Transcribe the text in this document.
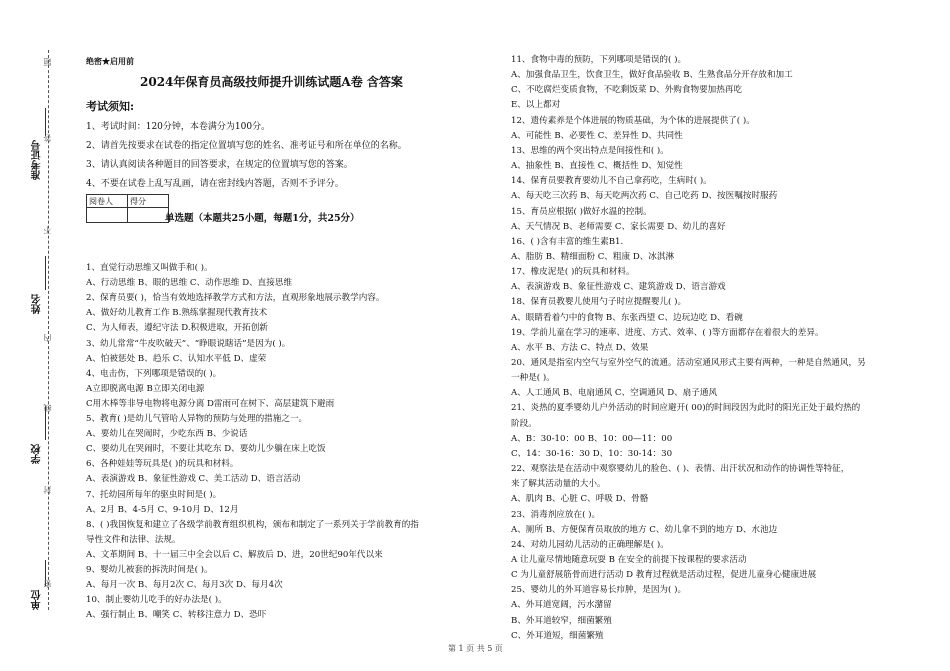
准考证号
姓名
学校
单位
题
答
不
内
线
封
密
绝密★启用前
2024年保育员高级技师提升训练试题A卷 含答案
考试须知:
1、考试时间：120分钟，本卷满分为100分。
2、请首先按要求在试卷的指定位置填写您的姓名、准考证号和所在单位的名称。
3、请认真阅读各种题目的回答要求，在规定的位置填写您的答案。
4、不要在试卷上乱写乱画，请在密封线内答题，否则不予评分。
阅卷人	得分

单选题（本题共25小题，每题1分，共25分）
1、直觉行动思维又叫做手和( )。
A、行动思维 B、眼的思维 C、动作思维 D、直接思维
2、保育员要( )，恰当有效地选择教学方式和方法，直观形象地展示教学内容。
A、做好幼儿教育工作 B.熟练掌握现代教育技术
C、为人师表，遵纪守法 D.积极进取，开拓创新
3、幼儿常常“牛皮吹破天”、“睁眼说瞎话”是因为( )。
A、怕被惩处 B、趋乐 C、认知水平低 D、虚荣
4、电击伤，下列哪项是错误的( )。
A立即脱离电源 B立即关闭电源
C用木棒等非导电物将电源分离 D雷雨可在树下、高层建筑下避雨
5、教育( )是幼儿气管哈人异物的预防与处理的措施之一。
A、要幼儿在哭闹时，少吃东西 B、少说话
C、要幼儿在哭闹时，不要让其吃东 D、要幼儿少躺在床上吃饭
6、各种娃娃等玩具是( )的玩具和材料。
A、表演游戏 B、象征性游戏 C、美工活动 D、语言活动
7、托幼园所每年的驱虫时间是( )。
A、2月 B、4-5月 C、9-10月 D、12月
8、( )我国恢复和建立了各级学前教育组织机构，颁布和制定了一系列关于学前教育的指
导性文件和法律、法规。
A、文革期间 B、十一届三中全会以后 C、解放后 D、进，20世纪90年代以来
9、婴幼儿被套的拆洗时间是( )。
A、每月一次 B、每月2次 C、每月3次 D、每月4次
10、制止婴幼儿吃手的好办法是( )。
A、强行制止 B、嘲笑 C、转移注意力 D、恐吓
11、食物中毒的预防，下列哪项是错误的( )。
A、加强食品卫生，饮食卫生，做好食品验收 B、生熟食品分开存放和加工
C、不吃腐烂变质食物，不吃剩饭菜 D、外购食物要加热再吃
E、以上都对
12、遗传素养是个体进展的物质基础，为个体的进展提供了( )。
A、可能性 B、必要性 C、差异性 D、共同性
13、思维的两个突出特点是间接性和( )。
A、抽象性 B、直接性 C、概括性 D、知觉性
14、保育员要教育要幼儿不自己拿药吃，生病时( )。
A、每天吃三次药 B、每天吃两次药 C、自己吃药 D、按医嘱按时服药
15、育员应根据( )做好水温的控制。
A、天气情况 B、老师需要 C、家长需要 D、幼儿的喜好
16、( )含有丰富的维生素B1.
A、脂肪 B、精细面粉 C、粗康 D、冰淇淋
17、橡皮泥是( )的玩具和材料。
A、表演游戏 B、象征性游戏 C、建筑游戏 D、语言游戏
18、保育员教婴儿使用勺子时应提醒婴儿( )。
A、眼睛看着勺中的食物 B、东张西望 C、边玩边吃 D、看碗
19、学前儿童在学习的速率、进度、方式、效率、( )等方面都存在着很大的差异。
A、水平 B、方法 C、特点 D、效果
20、通风是指室内空气与室外空气的流通。活动室通风形式主要有两种，一种是自然通风，另
一种是( )。
A、人工通风 B、电扇通风 C、空调通风 D、扇子通风
21、炎热的夏季婴幼儿户外活动的时间应避开( 00)的时间段因为此时的阳光正处于最灼热的
阶段。
A、B：30-10：00 B、10：00—11：00
C、14：30-16：30 D、10：30-14：30
22、观察法是在活动中观察婴幼儿的脸色、( )、表情、出汗状况和动作的协调性等特征，
来了解其活动量的大小。
A、肌肉 B、心脏 C、呼吸 D、骨骼
23、消毒剂应放在( )。
A、厕所 B、方便保育员取放的地方 C、幼儿拿不到的地方 D、水池边
24、对幼儿园幼儿活动的正确理解是( )。
A 让儿童尽情地随意玩耍 B 在安全的前提下按课程的要求活动
C 为儿童舒展筋骨而进行活动 D 教育过程就是活动过程，促进儿童身心健康进展
25、婴幼儿的外耳道容易长疖肿，是因为( )。
A、外耳道宽阔，污水潴留
B、外耳道较窄，细菌繁殖
C、外耳道短，细菌繁殖
第 1 页 共 5 页
